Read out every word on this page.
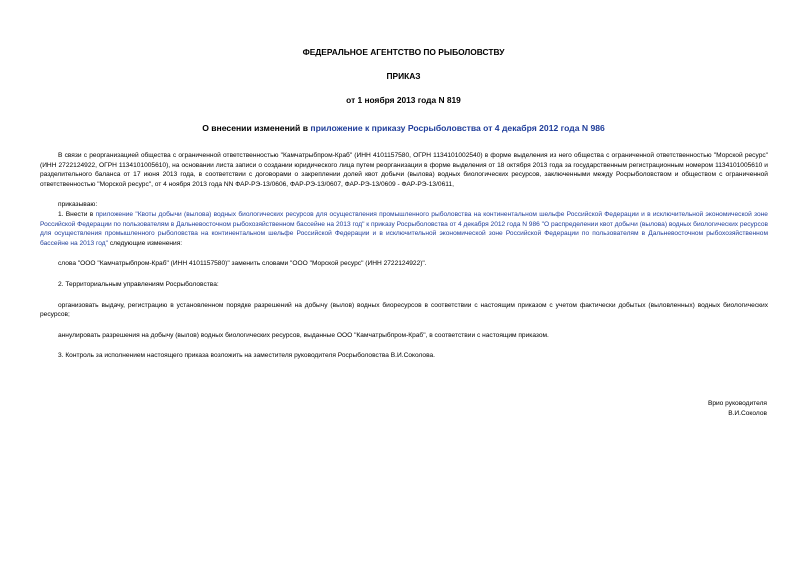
ФЕДЕРАЛЬНОЕ АГЕНТСТВО ПО РЫБОЛОВСТВУ

ПРИКАЗ

от 1 ноября 2013 года N 819

О внесении изменений в приложение к приказу Росрыболовства от 4 декабря 2012 года N 986

В связи с реорганизацией общества с ограниченной ответственностью "Камчатрыбпром-Краб" (ИНН 4101157580, ОГРН 1134101002540) в форме выделения из него общества с ограниченной ответственностью "Морской ресурс" (ИНН 2722124922, ОГРН 1134101005610), на основании листа записи о создании юридического лица путем реорганизации в форме выделения от 18 октября 2013 года за государственным регистрационным номером 1134101005610 и разделительного баланса от 17 июня 2013 года, в соответствии с договорами о закреплении долей квот добычи (вылова) водных биологических ресурсов, заключенными между Росрыболовством и обществом с ограниченной ответственностью "Морской ресурс", от 4 ноября 2013 года NN ФАР-РЭ-13/0606, ФАР-РЭ-13/0607, ФАР-РЭ-13/0609 - ФАР-РЭ-13/0611,

приказываю:

1. Внести в приложение "Квоты добычи (вылова) водных биологических ресурсов для осуществления промышленного рыболовства на континентальном шельфе Российской Федерации и в исключительной экономической зоне Российской Федерации по пользователям в Дальневосточном рыбохозяйственном бассейне на 2013 год" к приказу Росрыболовства от 4 декабря 2012 года N 986 "О распределении квот добычи (вылова) водных биологических ресурсов для осуществления промышленного рыболовства на континентальном шельфе Российской Федерации и в исключительной экономической зоне Российской Федерации по пользователям в Дальневосточном рыбохозяйственном бассейне на 2013 год" следующие изменения:

слова "ООО "Камчатрыбпром-Краб" (ИНН 4101157580)" заменить словами "ООО "Морской ресурс" (ИНН 2722124922)".

2. Территориальным управлениям Росрыболовства:

организовать выдачу, регистрацию в установленном порядке разрешений на добычу (вылов) водных биоресурсов в соответствии с настоящим приказом с учетом фактически добытых (выловленных) водных биологических ресурсов;

аннулировать разрешения на добычу (вылов) водных биологических ресурсов, выданные ООО "Камчатрыбпром-Краб", в соответствии с настоящим приказом.

3. Контроль за исполнением настоящего приказа возложить на заместителя руководителя Росрыболовства В.И.Соколова.

Врио руководителя
В.И.Соколов
